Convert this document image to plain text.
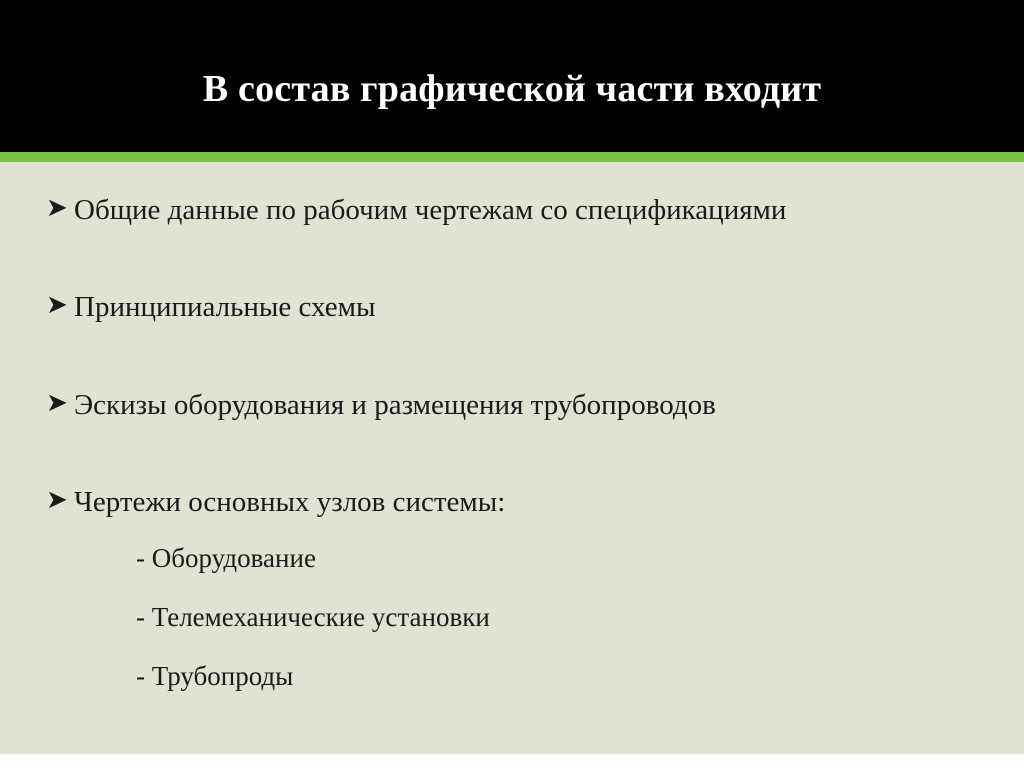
В состав графической части входит
➤ Общие данные по рабочим чертежам со спецификациями
➤ Принципиальные схемы
➤ Эскизы оборудования и размещения трубопроводов
➤ Чертежи основных узлов системы:
- Оборудование
- Телемеханические установки
- Трубопроды
